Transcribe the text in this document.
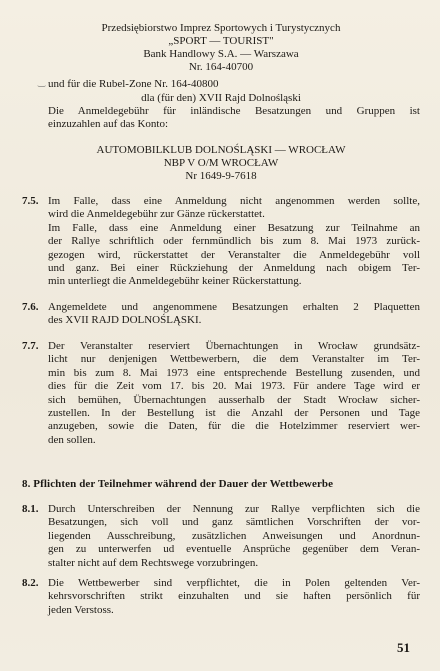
Przedsiębiorstwo Imprez Sportowych i Turystycznych
„SPORT — TOURIST"
Bank Handlowy S.A. — Warszawa
Nr. 164-40700
‿ und für die Rubel-Zone Nr. 164-40800
dla (für den) XVII Rajd Dolnośląski
Die Anmeldegebühr für inländische Besatzungen und Gruppen ist
einzuzahlen auf das Konto:
AUTOMOBILKLUB DOLNOŚLĄSKI — WROCŁAW
NBP V O/M WROCŁAW
Nr 1649-9-7618
7.5. Im Falle, dass eine Anmeldung nicht angenommen werden sollte,
wird die Anmeldegebühr zur Gänze rückerstattet.
Im Falle, dass eine Anmeldung einer Besatzung zur Teilnahme an
der Rallye schriftlich oder fernmündlich bis zum 8. Mai 1973 zurück-
gezogen wird, rückerstattet der Veranstalter die Anmeldegebühr voll
und ganz. Bei einer Rückziehung der Anmeldung nach obigem Ter-
min unterliegt die Anmeldegebühr keiner Rückerstattung.
7.6. Angemeldete und angenommene Besatzungen erhalten 2 Plaquetten
des XVII RAJD DOLNOŚLĄSKI.
7.7. Der Veranstalter reserviert Übernachtungen in Wrocław grundsätz-
licht nur denjenigen Wettbewerbern, die dem Veranstalter im Ter-
min bis zum 8. Mai 1973 eine entsprechende Bestellung zusenden, und
dies für die Zeit vom 17. bis 20. Mai 1973. Für andere Tage wird er
sich bemühen, Übernachtungen ausserhalb der Stadt Wrocław sicher-
zustellen. In der Bestellung ist die Anzahl der Personen und Tage
anzugeben, sowie die Daten, für die die Hotelzimmer reserviert wer-
den sollen.
8. Pflichten der Teilnehmer während der Dauer der Wettbewerbe
8.1. Durch Unterschreiben der Nennung zur Rallye verpflichten sich die
Besatzungen, sich voll und ganz sämtlichen Vorschriften der vor-
liegenden Ausschreibung, zusätzlichen Anweisungen und Anordnun-
gen zu unterwerfen ud eventuelle Ansprüche gegenüber dem Veran-
stalter nicht auf dem Rechtswege vorzubringen.
8.2. Die Wettbewerber sind verpflichtet, die in Polen geltenden Ver-
kehrsvorschriften strikt einzuhalten und sie haften persönlich für
jeden Verstoss.
51
